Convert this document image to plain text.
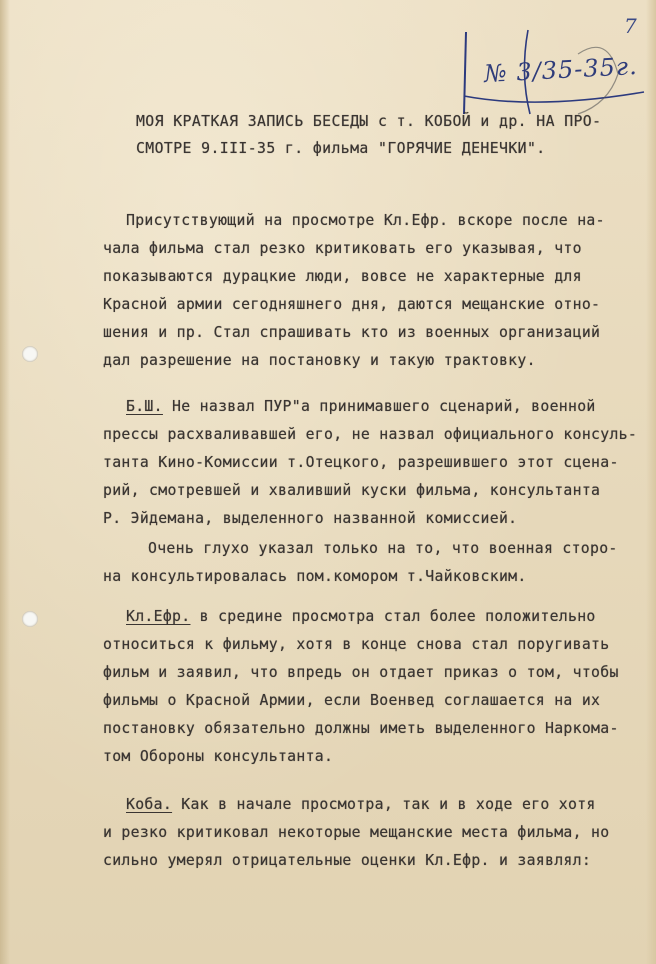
7
№ 3/35-35г.
МОЯ КРАТКАЯ ЗАПИСЬ БЕСЕДЫ с т. КОБОЙ и др. НА ПРО-
СМОТРЕ 9.III-35 г. фильма "ГОРЯЧИЕ ДЕНЕЧКИ".
Присутствующий на просмотре Кл.Ефр. вскоре после на-
чала фильма стал резко критиковать его указывая, что
показываются дурацкие люди, вовсе не характерные для
Красной армии сегодняшнего дня, даются мещанские отно-
шения и пр. Стал спрашивать кто из военных организаций
дал разрешение на постановку и такую трактовку.
Б.Ш. Не назвал ПУР"а принимавшего сценарий, военной
прессы расхваливавшей его, не назвал официального консуль-
танта Кино-Комиссии т.Отецкого, разрешившего этот сцена-
рий, смотревшей и хваливший куски фильма, консультанта
Р. Эйдемана, выделенного названной комиссией.
Очень глухо указал только на то, что военная сторо-
на консультировалась пом.комором т.Чайковским.
Кл.Ефр. в средине просмотра стал более положительно
относиться к фильму, хотя в конце снова стал поругивать
фильм и заявил, что впредь он отдает приказ о том, чтобы
фильмы о Красной Армии, если Военвед соглашается на их
постановку обязательно должны иметь выделенного Наркома-
том Обороны консультанта.
Коба. Как в начале просмотра, так и в ходе его хотя
и резко критиковал некоторые мещанские места фильма, но
сильно умерял отрицательные оценки Кл.Ефр. и заявлял:
